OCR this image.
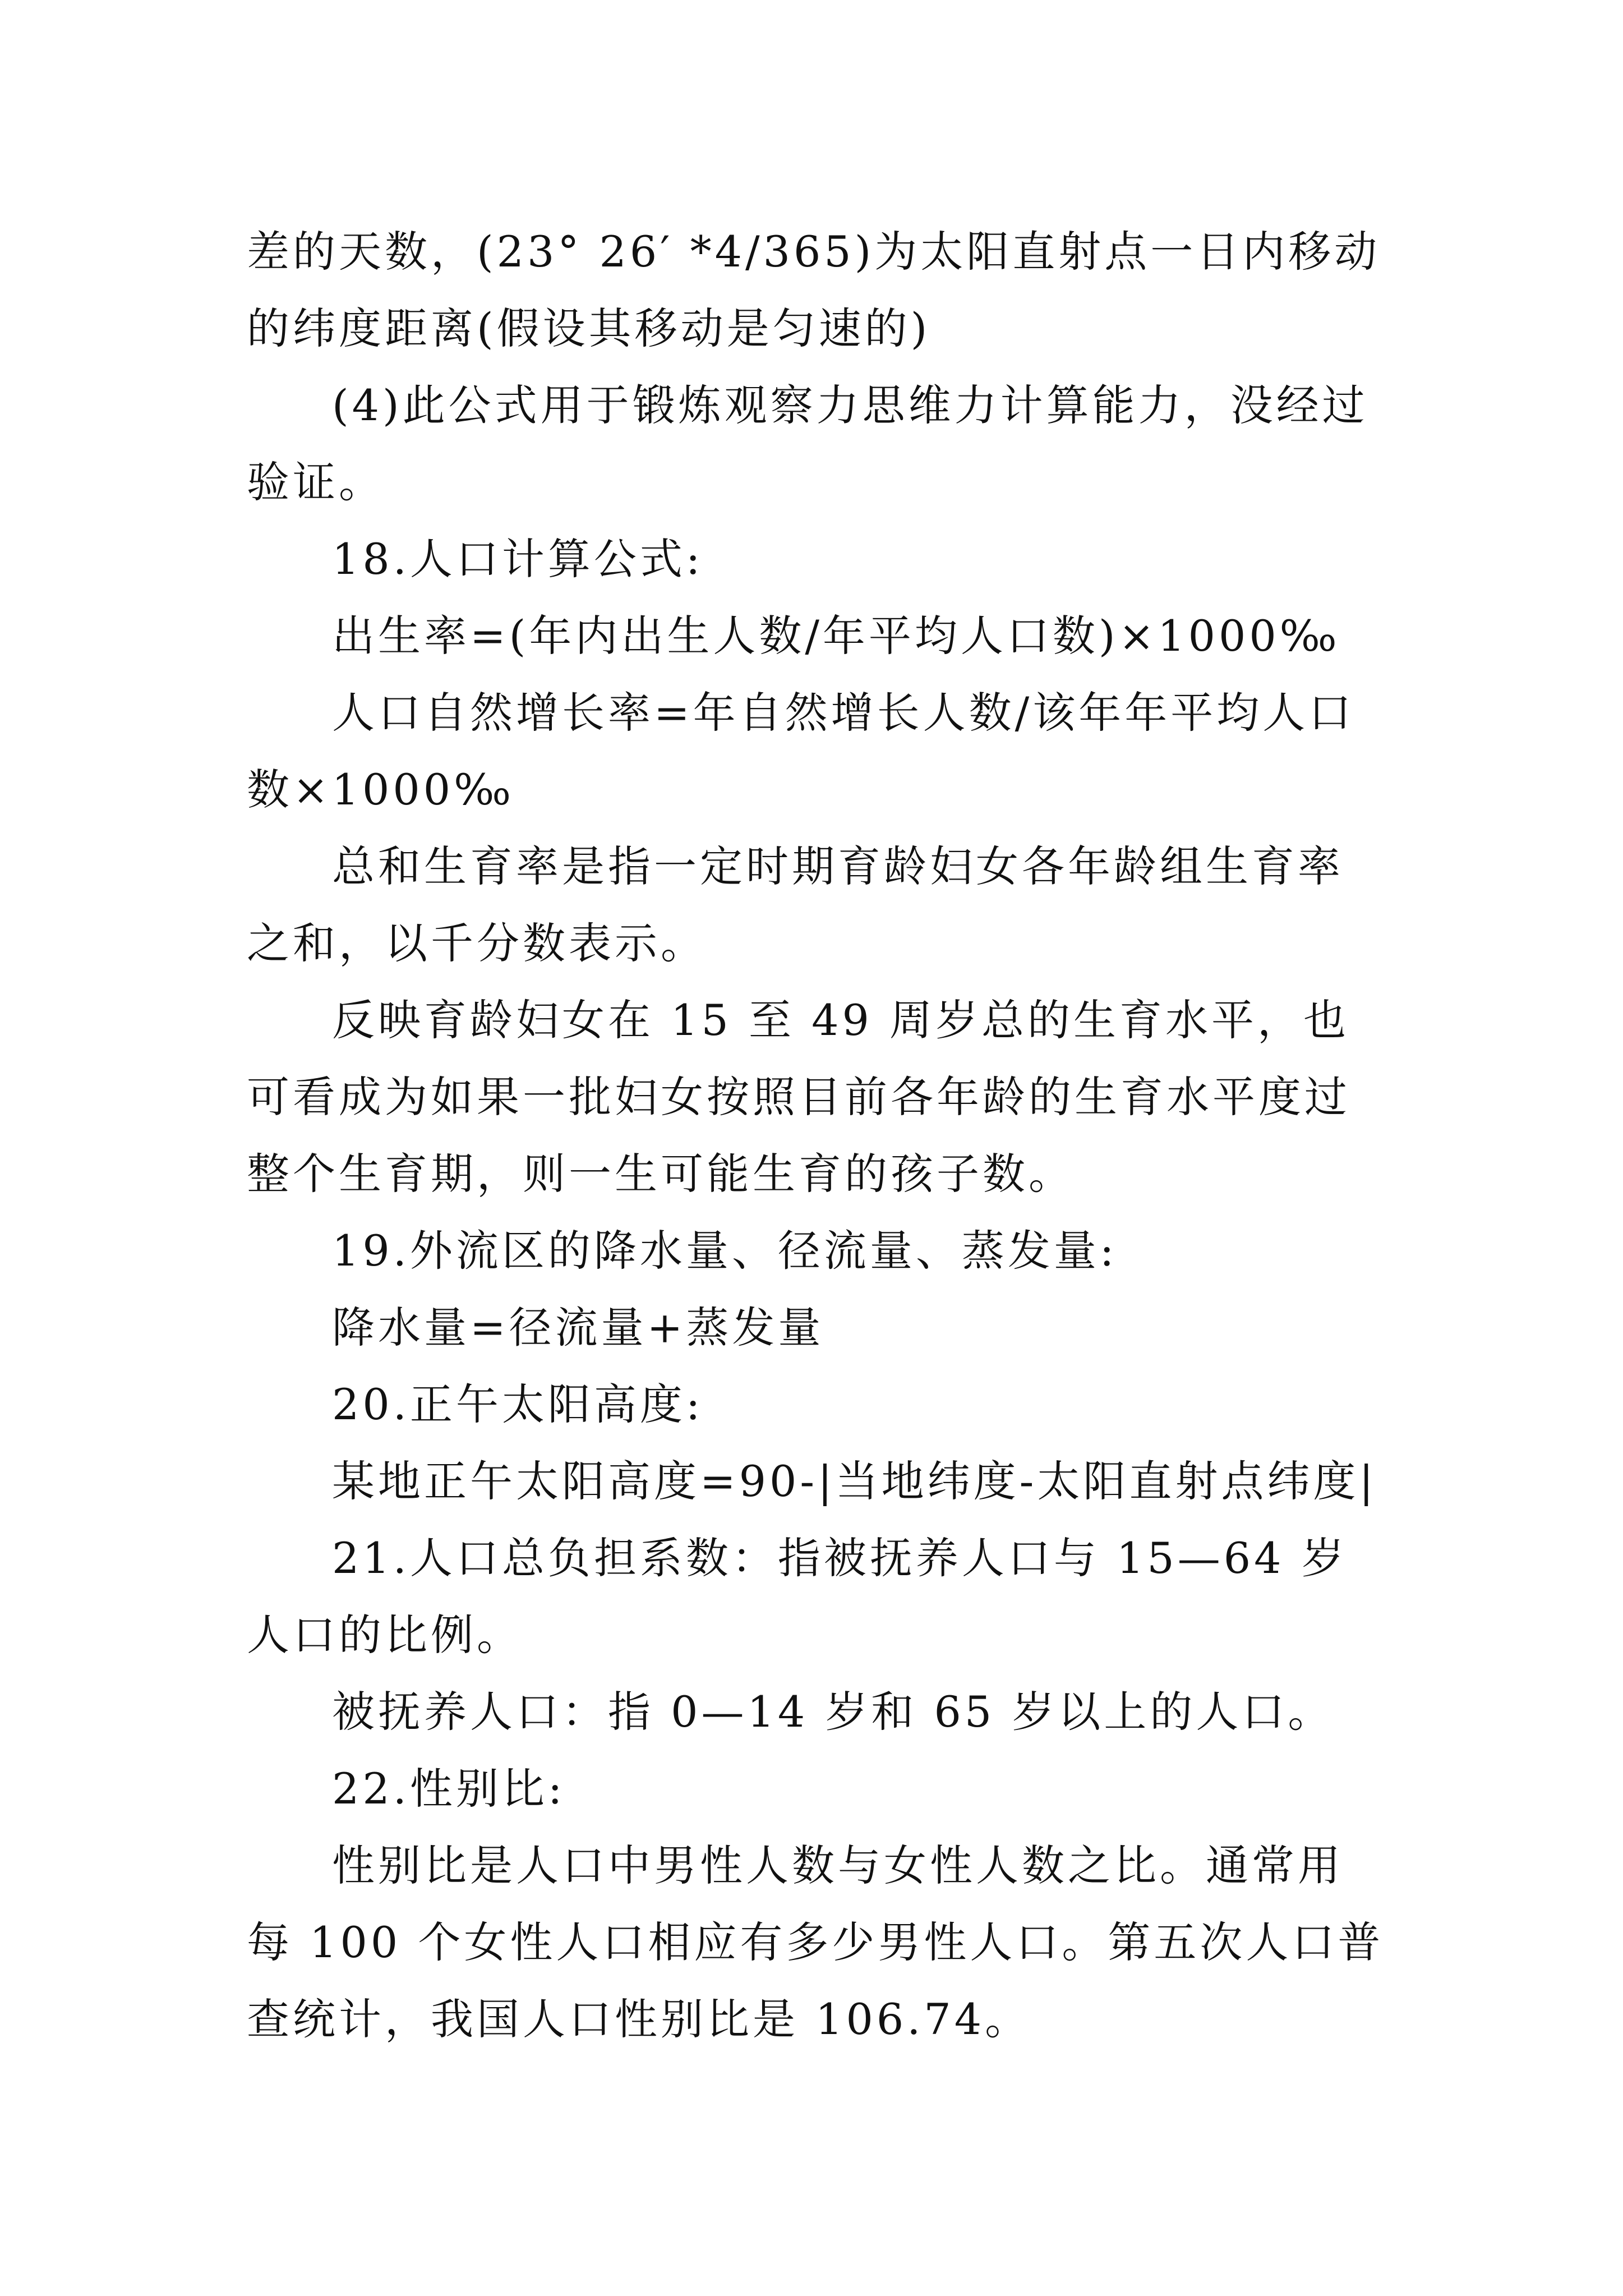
差的天数，(23° 26′ *4/365)为太阳直射点一日内移动的纬度距离(假设其移动是匀速的)

(4)此公式用于锻炼观察力思维力计算能力，没经过验证。

18.人口计算公式:

出生率=(年内出生人数/年平均人口数)×1000‰

人口自然增长率=年自然增长人数/该年年平均人口数×1000‰

总和生育率是指一定时期育龄妇女各年龄组生育率之和，以千分数表示。

反映育龄妇女在 15 至 49 周岁总的生育水平，也可看成为如果一批妇女按照目前各年龄的生育水平度过整个生育期，则一生可能生育的孩子数。

19.外流区的降水量、径流量、蒸发量:

降水量=径流量+蒸发量

20.正午太阳高度:

某地正午太阳高度=90-|当地纬度-太阳直射点纬度|

21.人口总负担系数：指被抚养人口与 15—64 岁人口的比例。

被抚养人口：指 0—14 岁和 65 岁以上的人口。

22.性别比:

性别比是人口中男性人数与女性人数之比。通常用每 100 个女性人口相应有多少男性人口。第五次人口普查统计，我国人口性别比是 106.74。
